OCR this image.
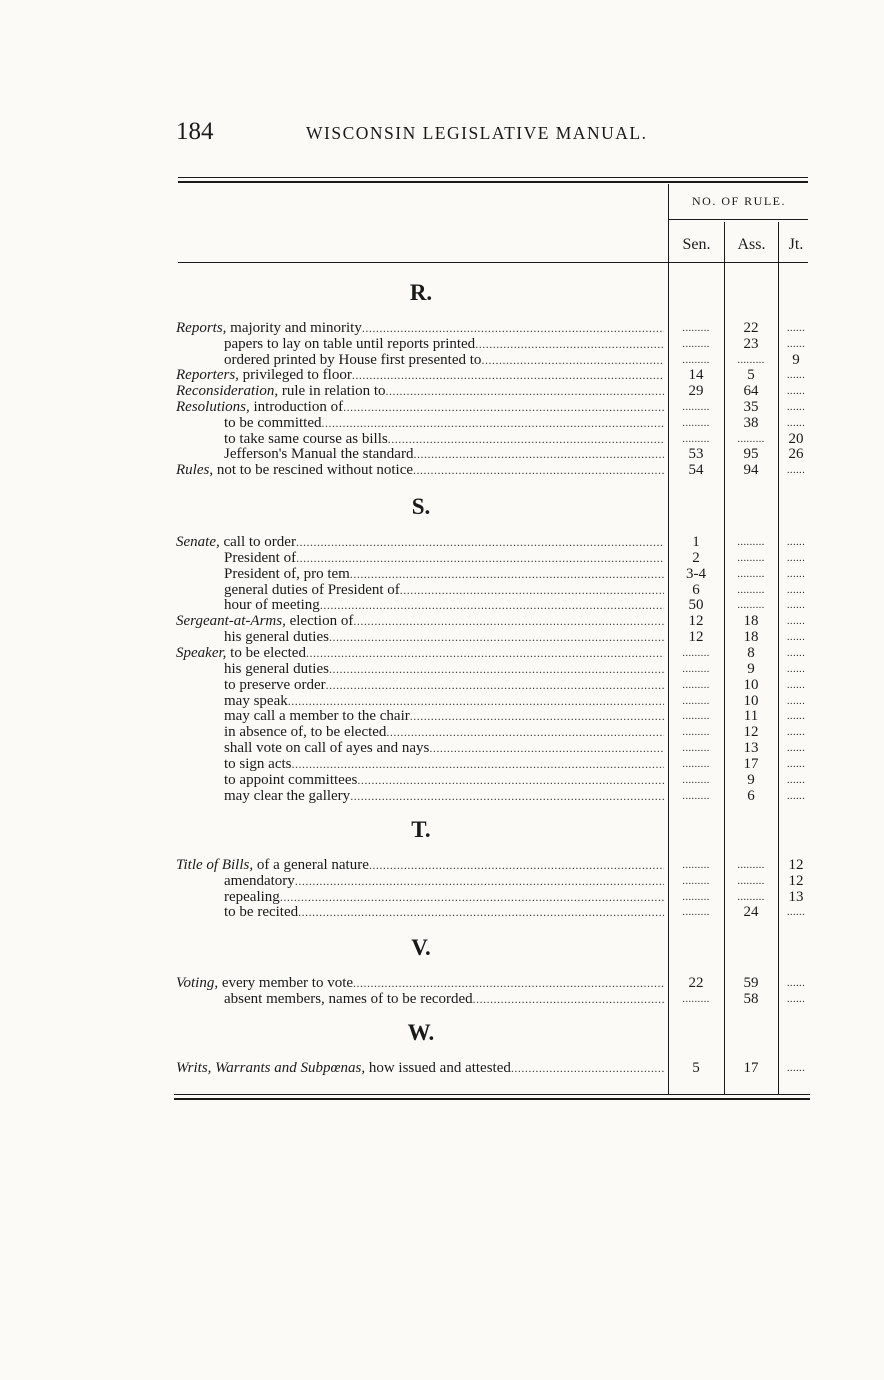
184	WISCONSIN LEGISLATIVE MANUAL.
NO. OF RULE.
Sen.	Ass.	Jt.
R.
Reports, majority and minority .....	.........	22	......
papers to lay on table until reports printed .....	.........	23	......
ordered printed by House first presented to .....	.........	.........	9
Reporters, privileged to floor .....	14	5	......
Reconsideration, rule in relation to .....	29	64	......
Resolutions, introduction of .....	.........	35	......
to be committed .....	.........	38	......
to take same course as bills .....	.........	.........	20
Jefferson's Manual the standard .....	53	95	26
Rules, not to be rescined without notice .....	54	94	......
S.
Senate, call to order .....	1	.........	......
President of .....	2	.........	......
President of, pro tem .....	3-4	.........	......
general duties of President of .....	6	.........	......
hour of meeting .....	50	.........	......
Sergeant-at-Arms, election of .....	12	18	......
his general duties .....	12	18	......
Speaker, to be elected .....	.........	8	......
his general duties .....	.........	9	......
to preserve order .....	.........	10	......
may speak .....	.........	10	......
may call a member to the chair .....	.........	11	......
in absence of, to be elected .....	.........	12	......
shall vote on call of ayes and nays .....	.........	13	......
to sign acts .....	.........	17	......
to appoint committees .....	.........	9	......
may clear the gallery .....	.........	6	......
T.
Title of Bills, of a general nature .....	.........	.........	12
amendatory .....	.........	.........	12
repealing .....	.........	.........	13
to be recited .....	.........	24	......
V.
Voting, every member to vote .....	22	59	......
absent members, names of to be recorded .....	.........	58	......
W.
Writs, Warrants and Subpœnas, how issued and attested .....	5	17	......
